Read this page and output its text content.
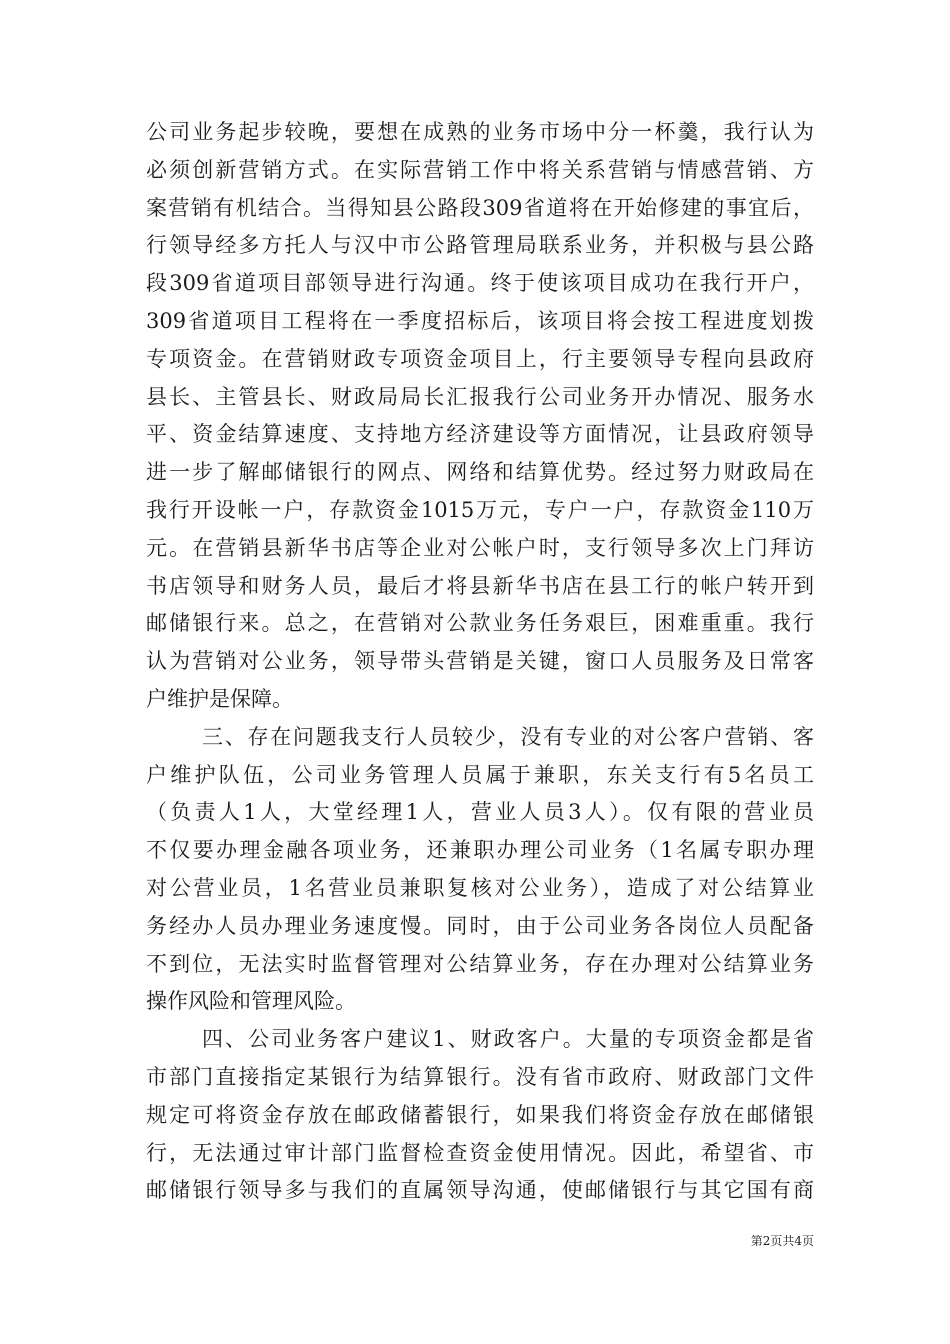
公司业务起步较晚，要想在成熟的业务市场中分一杯羹，我行认为
必须创新营销方式。在实际营销工作中将关系营销与情感营销、方
案营销有机结合。当得知县公路段309省道将在开始修建的事宜后，
行领导经多方托人与汉中市公路管理局联系业务，并积极与县公路
段309省道项目部领导进行沟通。终于使该项目成功在我行开户，
309省道项目工程将在一季度招标后，该项目将会按工程进度划拨
专项资金。在营销财政专项资金项目上，行主要领导专程向县政府
县长、主管县长、财政局局长汇报我行公司业务开办情况、服务水
平、资金结算速度、支持地方经济建设等方面情况，让县政府领导
进一步了解邮储银行的网点、网络和结算优势。经过努力财政局在
我行开设帐一户，存款资金1015万元，专户一户，存款资金110万
元。在营销县新华书店等企业对公帐户时，支行领导多次上门拜访
书店领导和财务人员，最后才将县新华书店在县工行的帐户转开到
邮储银行来。总之，在营销对公款业务任务艰巨，困难重重。我行
认为营销对公业务，领导带头营销是关键，窗口人员服务及日常客
户维护是保障。
三、存在问题我支行人员较少，没有专业的对公客户营销、客
户维护队伍，公司业务管理人员属于兼职，东关支行有5名员工
（负责人1人，大堂经理1人，营业人员3人）。仅有限的营业员
不仅要办理金融各项业务，还兼职办理公司业务（1名属专职办理
对公营业员，1名营业员兼职复核对公业务），造成了对公结算业
务经办人员办理业务速度慢。同时，由于公司业务各岗位人员配备
不到位，无法实时监督管理对公结算业务，存在办理对公结算业务
操作风险和管理风险。
四、公司业务客户建议1、财政客户。大量的专项资金都是省
市部门直接指定某银行为结算银行。没有省市政府、财政部门文件
规定可将资金存放在邮政储蓄银行，如果我们将资金存放在邮储银
行，无法通过审计部门监督检查资金使用情况。因此，希望省、市
邮储银行领导多与我们的直属领导沟通，使邮储银行与其它国有商
第2页共4页
